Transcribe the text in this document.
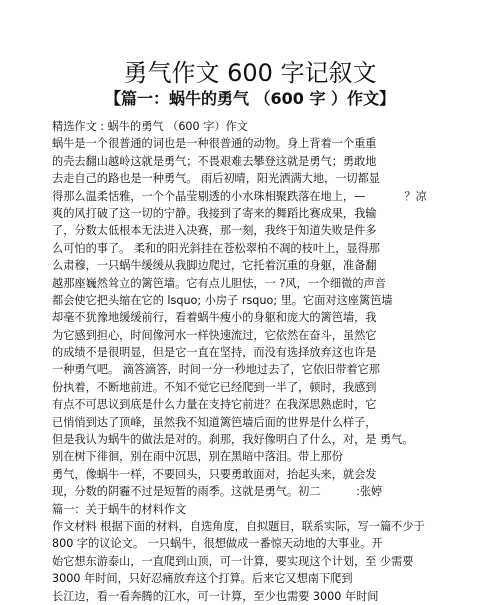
勇气作文 600 字记叙文
【篇一：蜗牛的勇气 （600 字 ）作文】
精选作文 : 蜗牛的勇气 （600 字）作文
蜗牛是一个很普通的词也是一种很普通的动物。身上背着一个重重
的壳去翻山越岭这就是勇气；不畏艰难去攀登这就是勇气；勇敢地
去走自己的路也是一种勇气。 雨后初晴，阳光洒满大地，一切都显
得那么温柔恬雅，一个个晶莹剔透的小水珠相聚跌落在地上，—           ？凉
爽的风打破了这一切的宁静。我接到了寄来的舞蹈比赛成果，我输
了，分数太低根本无法进入决赛，那一刻，我终于知道失败是件多
么可怕的事了。 柔和的阳光斜挂在苍松翠柏不凋的枝叶上，显得那
么肃穆，一只蜗牛缓缓从我脚边爬过，它托着沉重的身躯，准备翻
越那座巍然耸立的篱笆墙。它有点儿胆怯，一 ?风，一个细微的声音
都会使它把头缩在它的 lsquo; 小房子 rsquo; 里。它面对这座篱笆墙
却毫不犹豫地缓缓前行，看着蜗牛瘦小的身躯和庞大的篱笆墙，我
为它感到担心，时间像河水一样快速流过，它依然在奋斗，虽然它
的成绩不是很明显，但是它一直在坚持，而没有选择放弃这也许是
一种勇气吧。 滴答滴答，时间一分一秒地过去了，它依旧带着它那
份执着，不断地前进。不知不觉它已经爬到一半了，顿时，我感到
有点不可思议到底是什么力量在支持它前进？在我深思熟虑时，它
已悄悄到达了顶峰，虽然我不知道篱笆墙后面的世界是什么样子，
但是我认为蜗牛的做法是对的。刹那，我好像明白了什么，对，是 勇气。
别在树下徘徊，别在雨中沉思，别在黑暗中落泪。带上那份
勇气，像蜗牛一样，不要回头，只要勇敢面对，抬起头来，就会发
现，分数的阴霾不过是短暂的雨季。这就是勇气。初二          :张婷
篇一：关于蜗牛的材料作文
作文材料 根据下面的材料，自选角度，自拟题目，联系实际，写一篇不少于
800 字的议论文。 一只蜗牛，很想做成一番惊天动地的大事业。开
始它想东游泰山，一直爬到山顶，可一计算，要实现这个计划，至 少需要
3000 年时间，只好忍痛放弃这个打算。后来它又想南下爬到
长江边，看一看奔腾的江水，可一计算，至少也需要 3000 年时间
